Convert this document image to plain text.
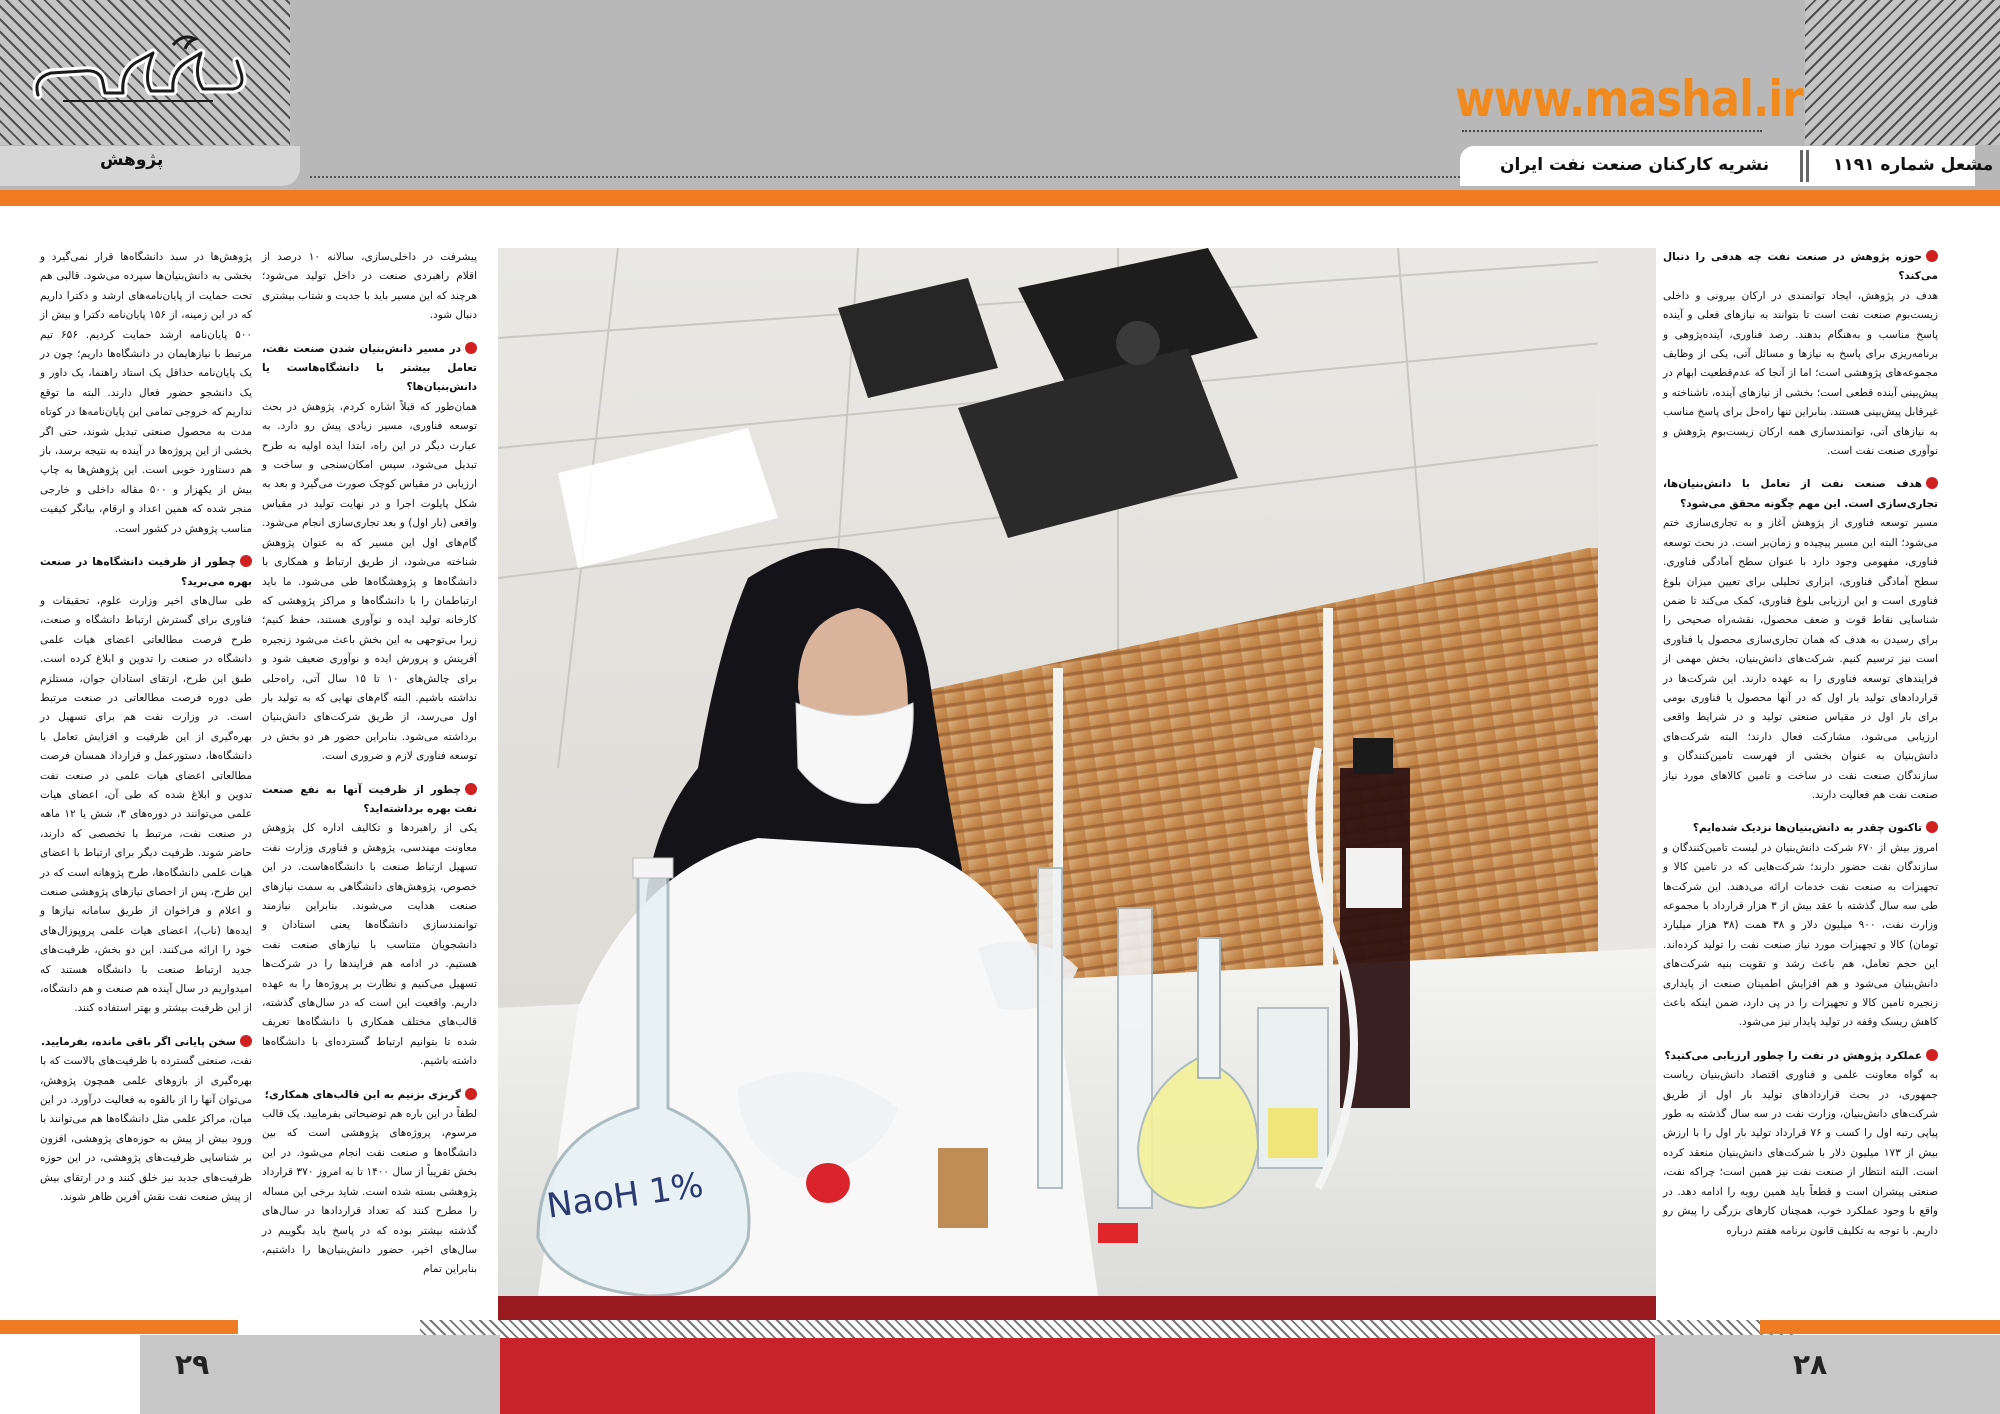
پژوهش
www.mashal.ir
نشریه کارکنان صنعت نفت ایران	مشعل شماره ۱۱۹۱
حوزه پژوهش در صنعت نفت چه هدفی را دنبال می‌کند؟
هدف در پژوهش، ایجاد توانمندی در ارکان بیرونی و داخلی زیست‌بوم صنعت نفت است تا بتوانند به نیازهای فعلی و آینده پاسخ مناسب و به‌هنگام بدهند. رصد فناوری، آینده‌پژوهی و برنامه‌ریزی برای پاسخ به نیازها و مسائل آتی، یکی از وظایف مجموعه‌های پژوهشی است؛ اما از آنجا که عدم‌قطعیت ابهام در پیش‌بینی آینده قطعی است؛ بخشی از نیازهای آینده، ناشناخته و غیرقابل پیش‌بینی هستند. بنابراین تنها راه‌حل برای پاسخ مناسب به نیازهای آتی، توانمندسازی همه ارکان زیست‌بوم پژوهش و نوآوری صنعت نفت است.
هدف صنعت نفت از تعامل با دانش‌بنیان‌ها، تجاری‌سازی است. این مهم چگونه محقق می‌شود؟
مسیر توسعه فناوری از پژوهش آغاز و به تجاری‌سازی ختم می‌شود؛ البته این مسیر پیچیده و زمان‌بر است. در بحث توسعه فناوری، مفهومی وجود دارد با عنوان سطح آمادگی فناوری. سطح آمادگی فناوری، ابزاری تحلیلی برای تعیین میزان بلوغ فناوری است و این ارزیابی بلوغ فناوری، کمک می‌کند تا ضمن شناسایی نقاط قوت و ضعف محصول، نقشه‌راه صحیحی را برای رسیدن به هدف که همان تجاری‌سازی محصول یا فناوری است نیز ترسیم کنیم. شرکت‌های دانش‌بنیان، بخش مهمی از فرایندهای توسعه فناوری را به عهده دارند. این شرکت‌ها در قراردادهای تولید بار اول که در آنها محصول یا فناوری بومی برای بار اول در مقیاس صنعتی تولید و در شرایط واقعی ارزیابی می‌شود، مشارکت فعال دارند؛ البته شرکت‌های دانش‌بنیان به عنوان بخشی از فهرست تامین‌کنندگان و سازندگان صنعت نفت در ساخت و تامین کالاهای مورد نیاز صنعت نفت هم فعالیت دارند.
تاکنون چقدر به دانش‌بنیان‌ها نزدیک شده‌ایم؟
امروز بیش از ۶۷۰ شرکت دانش‌بنیان در لیست تامین‌کنندگان و سازندگان نفت حضور دارند؛ شرکت‌هایی که در تامین کالا و تجهیزات به صنعت نفت خدمات ارائه می‌دهند. این شرکت‌ها طی سه سال گذشته با عقد بیش از ۳ هزار قرارداد با مجموعه وزارت نفت، ۹۰۰ میلیون دلار و ۳۸ همت (۳۸ هزار میلیارد تومان) کالا و تجهیزات مورد نیاز صنعت نفت را تولید کرده‌اند. این حجم تعامل، هم باعث رشد و تقویت بنیه شرکت‌های دانش‌بنیان می‌شود و هم افزایش اطمینان صنعت از پایداری زنجیره تامین کالا و تجهیزات را در پی دارد، ضمن اینکه باعث کاهش ریسک وقفه در تولید پایدار نیز می‌شود.
عملکرد پژوهش در نفت را چطور ارزیابی می‌کنید؟
به گواه معاونت علمی و فناوری اقتصاد دانش‌بنیان ریاست جمهوری، در بحث قراردادهای تولید بار اول از طریق شرکت‌های دانش‌بنیان، وزارت نفت در سه سال گذشته به طور پیاپی رتبه اول را کسب و ۷۶ قرارداد تولید بار اول را با ارزش بیش از ۱۷۳ میلیون دلار با شرکت‌های دانش‌بنیان منعقد کرده است. البته انتظار از صنعت نفت نیز همین است؛ چراکه نفت، صنعتی پیشران است و قطعاً باید همین رویه را ادامه دهد. در واقع با وجود عملکرد خوب، همچنان کارهای بزرگی را پیش رو داریم. با توجه به تکلیف قانون برنامه هفتم درباره
پیشرفت در داخلی‌سازی، سالانه ۱۰ درصد از اقلام راهبردی صنعت در داخل تولید می‌شود؛ هرچند که این مسیر باید با جدیت و شتاب بیشتری دنبال شود.
در مسیر دانش‌بنیان شدن صنعت نفت، تعامل بیشتر با دانشگاه‌هاست یا دانش‌بنیان‌ها؟
همان‌طور که قبلاً اشاره کردم، پژوهش در بحث توسعه فناوری، مسیر زیادی پیش رو دارد. به عبارت دیگر در این راه، ابتدا ایده اولیه به طرح تبدیل می‌شود، سپس امکان‌سنجی و ساخت و ارزیابی در مقیاس کوچک صورت می‌گیرد و بعد به شکل پایلوت اجرا و در نهایت تولید در مقیاس واقعی (بار اول) و بعد تجاری‌سازی انجام می‌شود. گام‌های اول این مسیر که به عنوان پژوهش شناخته می‌شود، از طریق ارتباط و همکاری با دانشگاه‌ها و پژوهشگاه‌ها طی می‌شود. ما باید ارتباطمان را با دانشگاه‌ها و مراکز پژوهشی که کارخانه تولید ایده و نوآوری هستند، حفظ کنیم؛ زیرا بی‌توجهی به این بخش باعث می‌شود زنجیره آفرینش و پرورش ایده و نوآوری ضعیف شود و برای چالش‌های ۱۰ تا ۱۵ سال آتی، راه‌حلی نداشته باشیم. البته گام‌های نهایی که به تولید بار اول می‌رسد، از طریق شرکت‌های دانش‌بنیان برداشته می‌شود. بنابراین حضور هر دو بخش در توسعه فناوری لازم و ضروری است.
چطور از ظرفیت آنها به نفع صنعت نفت بهره برداشته‌اید؟
یکی از راهبردها و تکالیف اداره کل پژوهش معاونت مهندسی، پژوهش و فناوری وزارت نفت تسهیل ارتباط صنعت با دانشگاه‌هاست. در این خصوص، پژوهش‌های دانشگاهی به سمت نیازهای صنعت هدایت می‌شوند. بنابراین نیازمند توانمندسازی دانشگاه‌ها یعنی استادان و دانشجویان متناسب با نیازهای صنعت نفت هستیم. در ادامه هم فرایندها را در شرکت‌ها تسهیل می‌کنیم و نظارت بر پروژه‌ها را به عهده داریم. واقعیت این است که در سال‌های گذشته، قالب‌های مختلف همکاری با دانشگاه‌ها تعریف شده تا بتوانیم ارتباط گسترده‌ای با دانشگاه‌ها داشته باشیم.
گریزی بزنیم به این قالب‌های همکاری؛
لطفاً در این باره هم توضیحاتی بفرمایید. یک قالب مرسوم، پروژه‌های پژوهشی است که بین دانشگاه‌ها و صنعت نفت انجام می‌شود. در این بخش تقریباً از سال ۱۴۰۰ تا به امروز ۳۷۰ قرارداد پژوهشی بسته شده است. شاید برخی این مساله را مطرح کنند که تعداد قراردادها در سال‌های گذشته بیشتر بوده که در پاسخ باید بگوییم در سال‌های اخیر، حضور دانش‌بنیان‌ها را داشتیم، بنابراین تمام
پژوهش‌ها در سبد دانشگاه‌ها قرار نمی‌گیرد و بخشی به دانش‌بنیان‌ها سپرده می‌شود. قالبی هم تحت حمایت از پایان‌نامه‌های ارشد و دکترا داریم که در این زمینه، از ۱۵۶ پایان‌نامه دکترا و بیش از ۵۰۰ پایان‌نامه ارشد حمایت کردیم. ۶۵۶ تیم مرتبط با نیازهایمان در دانشگاه‌ها داریم؛ چون در یک پایان‌نامه حداقل یک استاد راهنما، یک داور و یک دانشجو حضور فعال دارند. البته ما توقع نداریم که خروجی تمامی این پایان‌نامه‌ها در کوتاه مدت به محصول صنعتی تبدیل شوند، حتی اگر بخشی از این پروژه‌ها در آینده به نتیجه برسد، باز هم دستاورد خوبی است. این پژوهش‌ها به چاپ بیش از یکهزار و ۵۰۰ مقاله داخلی و خارجی منجر شده که همین اعداد و ارقام، بیانگر کیفیت مناسب پژوهش در کشور است.
چطور از ظرفیت دانشگاه‌ها در صنعت بهره می‌برید؟
طی سال‌های اخیر وزارت علوم، تحقیقات و فناوری برای گسترش ارتباط دانشگاه و صنعت، طرح فرصت مطالعاتی اعضای هیات علمی دانشگاه در صنعت را تدوین و ابلاغ کرده است. طبق این طرح، ارتقای استادان جوان، مستلزم طی دوره فرصت مطالعاتی در صنعت مرتبط است. در وزارت نفت هم برای تسهیل در بهره‌گیری از این ظرفیت و افزایش تعامل با دانشگاه‌ها، دستورعمل و قرارداد همسان فرصت مطالعاتی اعضای هیات علمی در صنعت نفت تدوین و ابلاغ شده که طی آن، اعضای هیات علمی می‌توانند در دوره‌های ۳، شش یا ۱۲ ماهه در صنعت نفت، مرتبط با تخصصی که دارند، حاضر شوند. ظرفیت دیگر برای ارتباط با اعضای هیات علمی دانشگاه‌ها، طرح پژوهانه است که در این طرح، پس از احصای نیازهای پژوهشی صنعت و اعلام و فراخوان از طریق سامانه نیازها و ایده‌ها (ناب)، اعضای هیات علمی پروپوزال‌های خود را ارائه می‌کنند. این دو بخش، ظرفیت‌های جدید ارتباط صنعت با دانشگاه هستند که امیدواریم در سال آینده هم صنعت و هم دانشگاه، از این ظرفیت بیشتر و بهتر استفاده کنند.
سخن پایانی اگر باقی مانده، بفرمایید.
نفت، صنعتی گسترده با ظرفیت‌های بالاست که با بهره‌گیری از بازوهای علمی همچون پژوهش، می‌توان آنها را از بالقوه به فعالیت درآورد. در این میان، مراکز علمی مثل دانشگاه‌ها هم می‌توانند با ورود بیش از پیش به حوزه‌های پژوهشی، افزون بر شناسایی ظرفیت‌های پژوهشی، در این حوزه ظرفیت‌های جدید نیز خلق کنند و در ارتقای بیش از پیش صنعت نفت نقش آفرین ظاهر شوند.	NaoH 1%
۲۹	۲۸
